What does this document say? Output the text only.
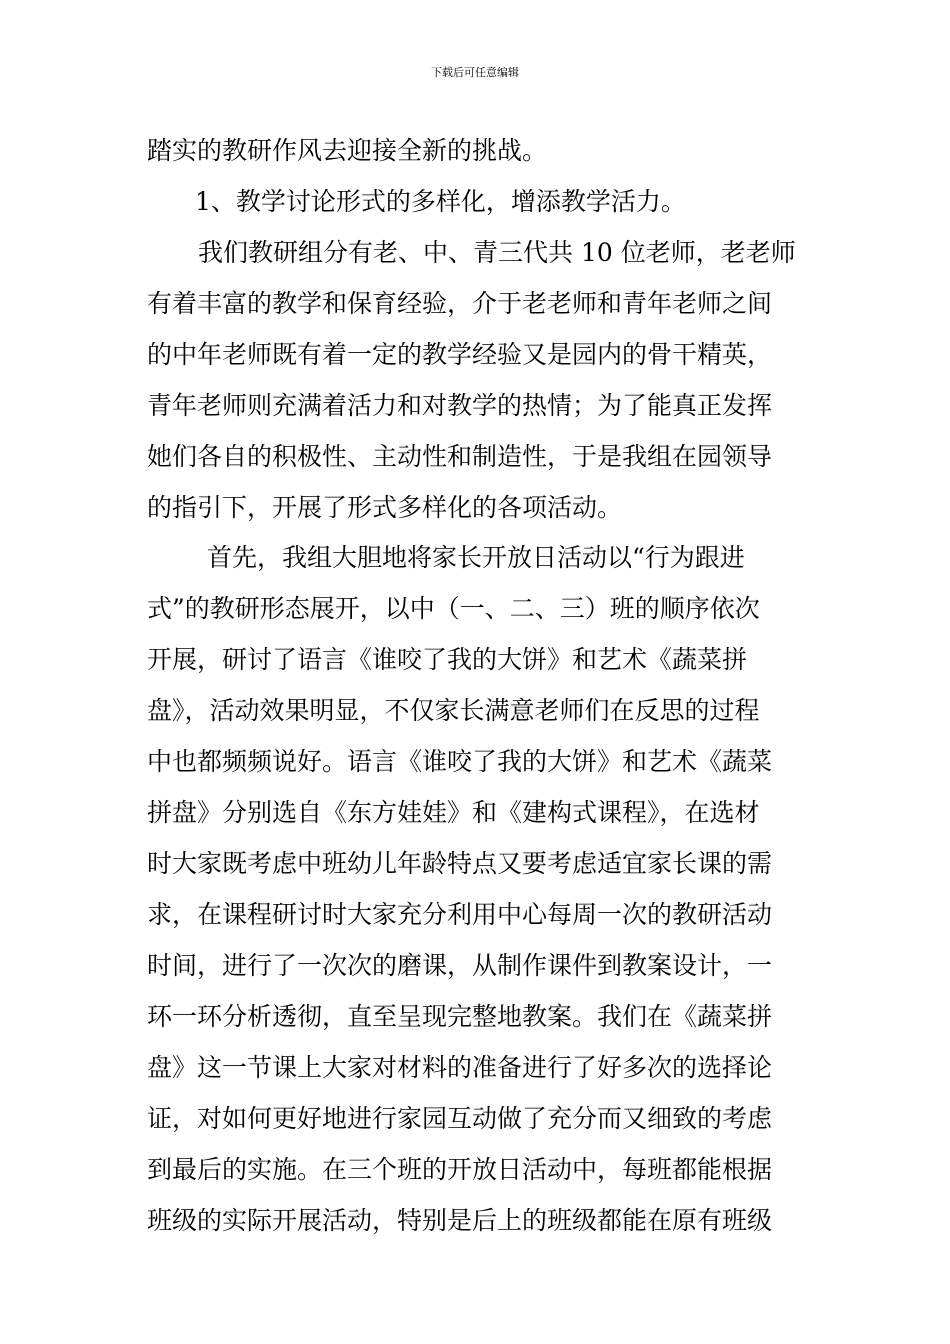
下载后可任意编辑
踏实的教研作风去迎接全新的挑战。
1、教学讨论形式的多样化，增添教学活力。
我们教研组分有老、中、青三代共 10 位老师，老老师
有着丰富的教学和保育经验，介于老老师和青年老师之间
的中年老师既有着一定的教学经验又是园内的骨干精英，
青年老师则充满着活力和对教学的热情；为了能真正发挥
她们各自的积极性、主动性和制造性，于是我组在园领导
的指引下，开展了形式多样化的各项活动。
首先，我组大胆地将家长开放日活动以“行为跟进
式”的教研形态展开，以中（一、二、三）班的顺序依次
开展，研讨了语言《谁咬了我的大饼》和艺术《蔬菜拼
盘》，活动效果明显，不仅家长满意老师们在反思的过程
中也都频频说好。语言《谁咬了我的大饼》和艺术《蔬菜
拼盘》分别选自《东方娃娃》和《建构式课程》，在选材
时大家既考虑中班幼儿年龄特点又要考虑适宜家长课的需
求，在课程研讨时大家充分利用中心每周一次的教研活动
时间，进行了一次次的磨课，从制作课件到教案设计，一
环一环分析透彻，直至呈现完整地教案。我们在《蔬菜拼
盘》这一节课上大家对材料的准备进行了好多次的选择论
证，对如何更好地进行家园互动做了充分而又细致的考虑
到最后的实施。在三个班的开放日活动中，每班都能根据
班级的实际开展活动，特别是后上的班级都能在原有班级
